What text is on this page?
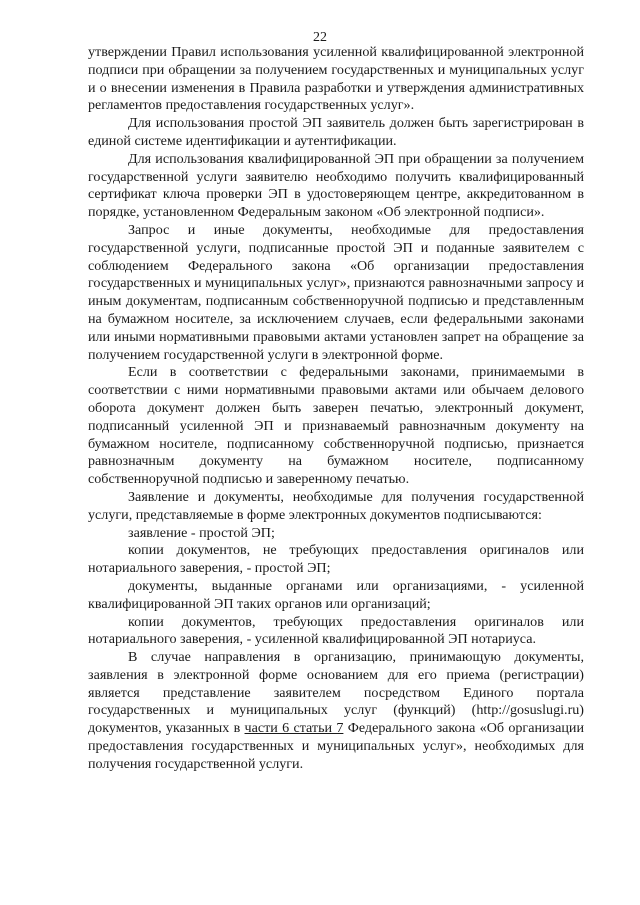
22

утверждении Правил использования усиленной квалифицированной электронной подписи при обращении за получением государственных и муниципальных услуг и о внесении изменения в Правила разработки и утверждения административных регламентов предоставления государственных услуг».

Для использования простой ЭП заявитель должен быть зарегистрирован в единой системе идентификации и аутентификации.

Для использования квалифицированной ЭП при обращении за получением государственной услуги заявителю необходимо получить квалифицированный сертификат ключа проверки ЭП в удостоверяющем центре, аккредитованном в порядке, установленном Федеральным законом «Об электронной подписи».

Запрос и иные документы, необходимые для предоставления государственной услуги, подписанные простой ЭП и поданные заявителем с соблюдением Федерального закона «Об организации предоставления государственных и муниципальных услуг», признаются равнозначными запросу и иным документам, подписанным собственноручной подписью и представленным на бумажном носителе, за исключением случаев, если федеральными законами или иными нормативными правовыми актами установлен запрет на обращение за получением государственной услуги в электронной форме.

Если в соответствии с федеральными законами, принимаемыми в соответствии с ними нормативными правовыми актами или обычаем делового оборота документ должен быть заверен печатью, электронный документ, подписанный усиленной ЭП и признаваемый равнозначным документу на бумажном носителе, подписанному собственноручной подписью, признается равнозначным документу на бумажном носителе, подписанному собственноручной подписью и заверенному печатью.

Заявление и документы, необходимые для получения государственной услуги, представляемые в форме электронных документов подписываются:

заявление - простой ЭП;

копии документов, не требующих предоставления оригиналов или нотариального заверения, - простой ЭП;

документы, выданные органами или организациями, - усиленной квалифицированной ЭП таких органов или организаций;

копии документов, требующих предоставления оригиналов или нотариального заверения, - усиленной квалифицированной ЭП нотариуса.

В случае направления в организацию, принимающую документы, заявления в электронной форме основанием для его приема (регистрации) является представление заявителем посредством Единого портала государственных и муниципальных услуг (функций) (http://gosuslugi.ru) документов, указанных в части 6 статьи 7 Федерального закона «Об организации предоставления государственных и муниципальных услуг», необходимых для получения государственной услуги.
